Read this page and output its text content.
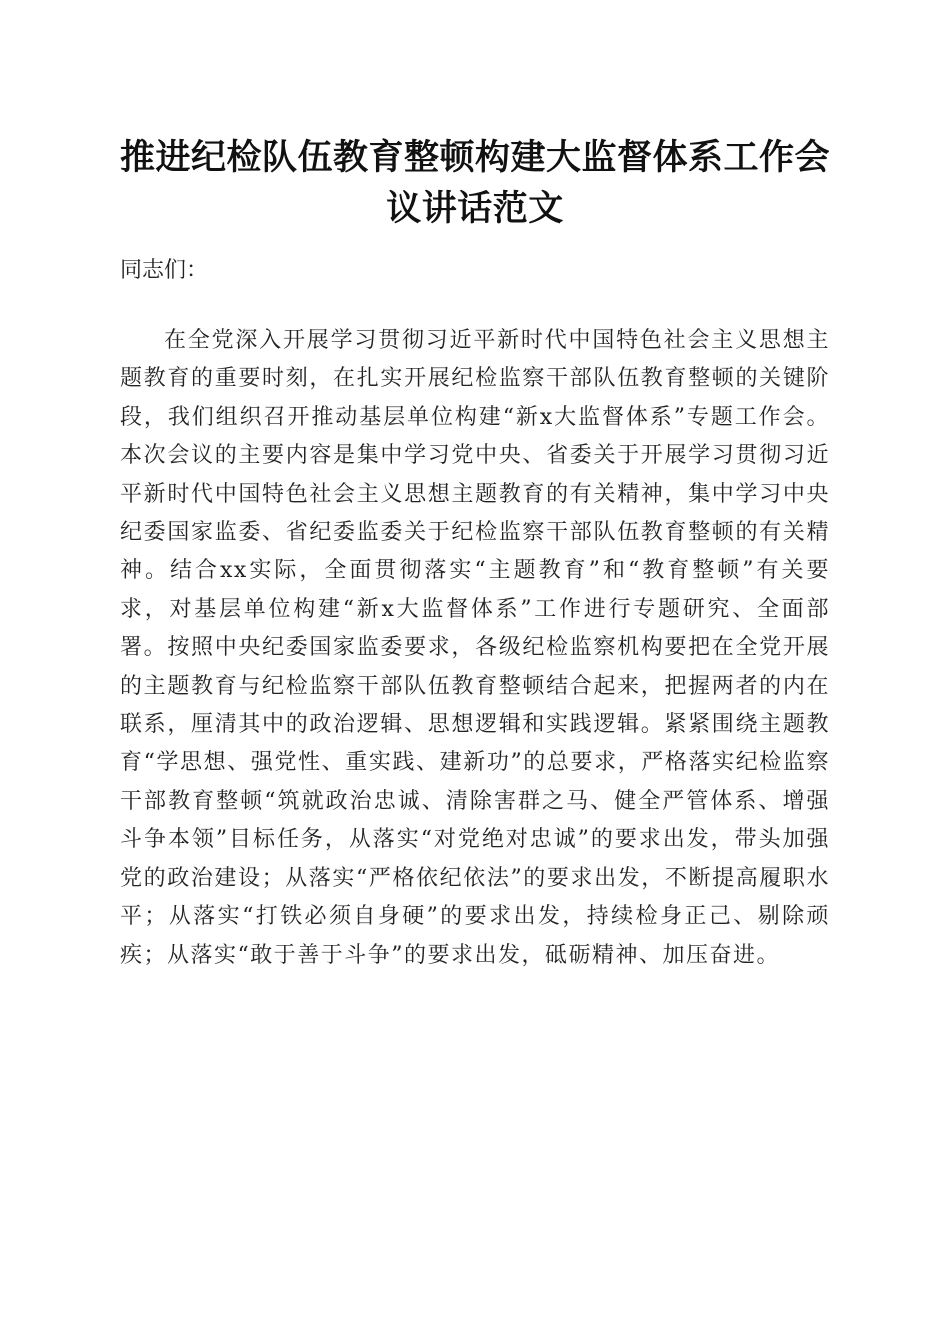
推进纪检队伍教育整顿构建大监督体系工作会议讲话范文

同志们：

在全党深入开展学习贯彻习近平新时代中国特色社会主义思想主题教育的重要时刻，在扎实开展纪检监察干部队伍教育整顿的关键阶段，我们组织召开推动基层单位构建“新x大监督体系”专题工作会。本次会议的主要内容是集中学习党中央、省委关于开展学习贯彻习近平新时代中国特色社会主义思想主题教育的有关精神，集中学习中央纪委国家监委、省纪委监委关于纪检监察干部队伍教育整顿的有关精神。结合xx实际，全面贯彻落实“主题教育”和“教育整顿”有关要求，对基层单位构建“新x大监督体系”工作进行专题研究、全面部署。按照中央纪委国家监委要求，各级纪检监察机构要把在全党开展的主题教育与纪检监察干部队伍教育整顿结合起来，把握两者的内在联系，厘清其中的政治逻辑、思想逻辑和实践逻辑。紧紧围绕主题教育“学思想、强党性、重实践、建新功”的总要求，严格落实纪检监察干部教育整顿“筑就政治忠诚、清除害群之马、健全严管体系、增强斗争本领”目标任务，从落实“对党绝对忠诚”的要求出发，带头加强党的政治建设；从落实“严格依纪依法”的要求出发，不断提高履职水平；从落实“打铁必须自身硬”的要求出发，持续检身正己、剔除顽疾；从落实“敢于善于斗争”的要求出发，砥砺精神、加压奋进。
